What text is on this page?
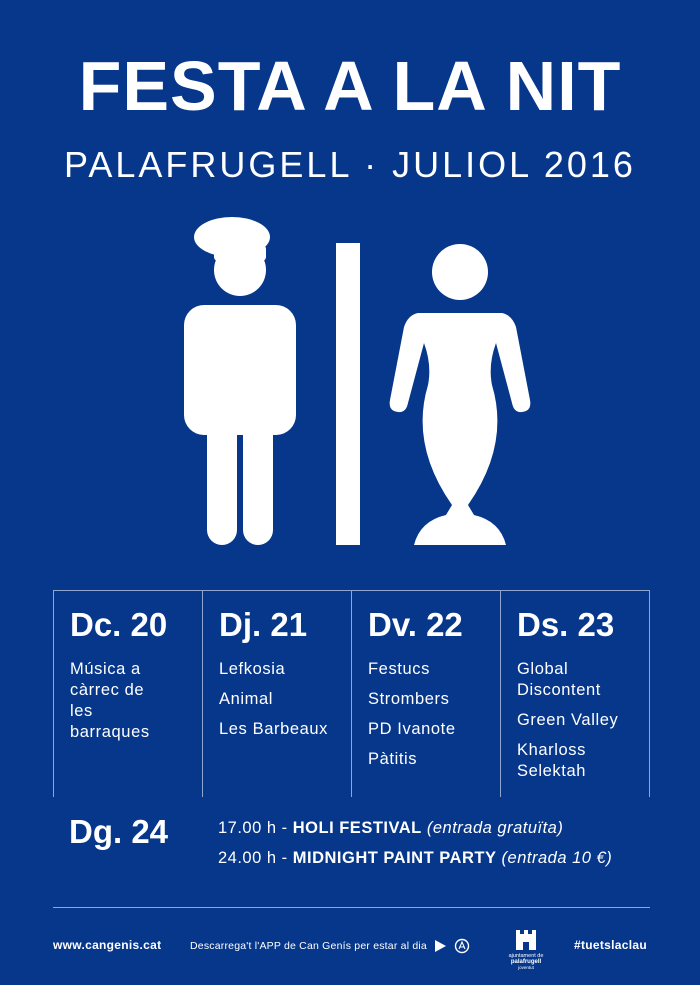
FESTA A LA NIT
PALAFRUGELL · JULIOL 2016
Dc. 20
Música a càrrec de les barraques
Dj. 21
Lefkosia
Animal
Les Barbeaux
Dv. 22
Festucs
Strombers
PD Ivanote
Pàtitis
Ds. 23
Global Discontent
Green Valley
Kharloss Selektah
Dg. 24	17.00 h - HOLI FESTIVAL (entrada gratuïta)
24.00 h - MIDNIGHT PAINT PARTY (entrada 10 €)
www.cangenis.cat	Descarrega't l'APP de Can Genís per estar al dia
ajuntament de
palafrugell
joventut
#tuetslaclau
